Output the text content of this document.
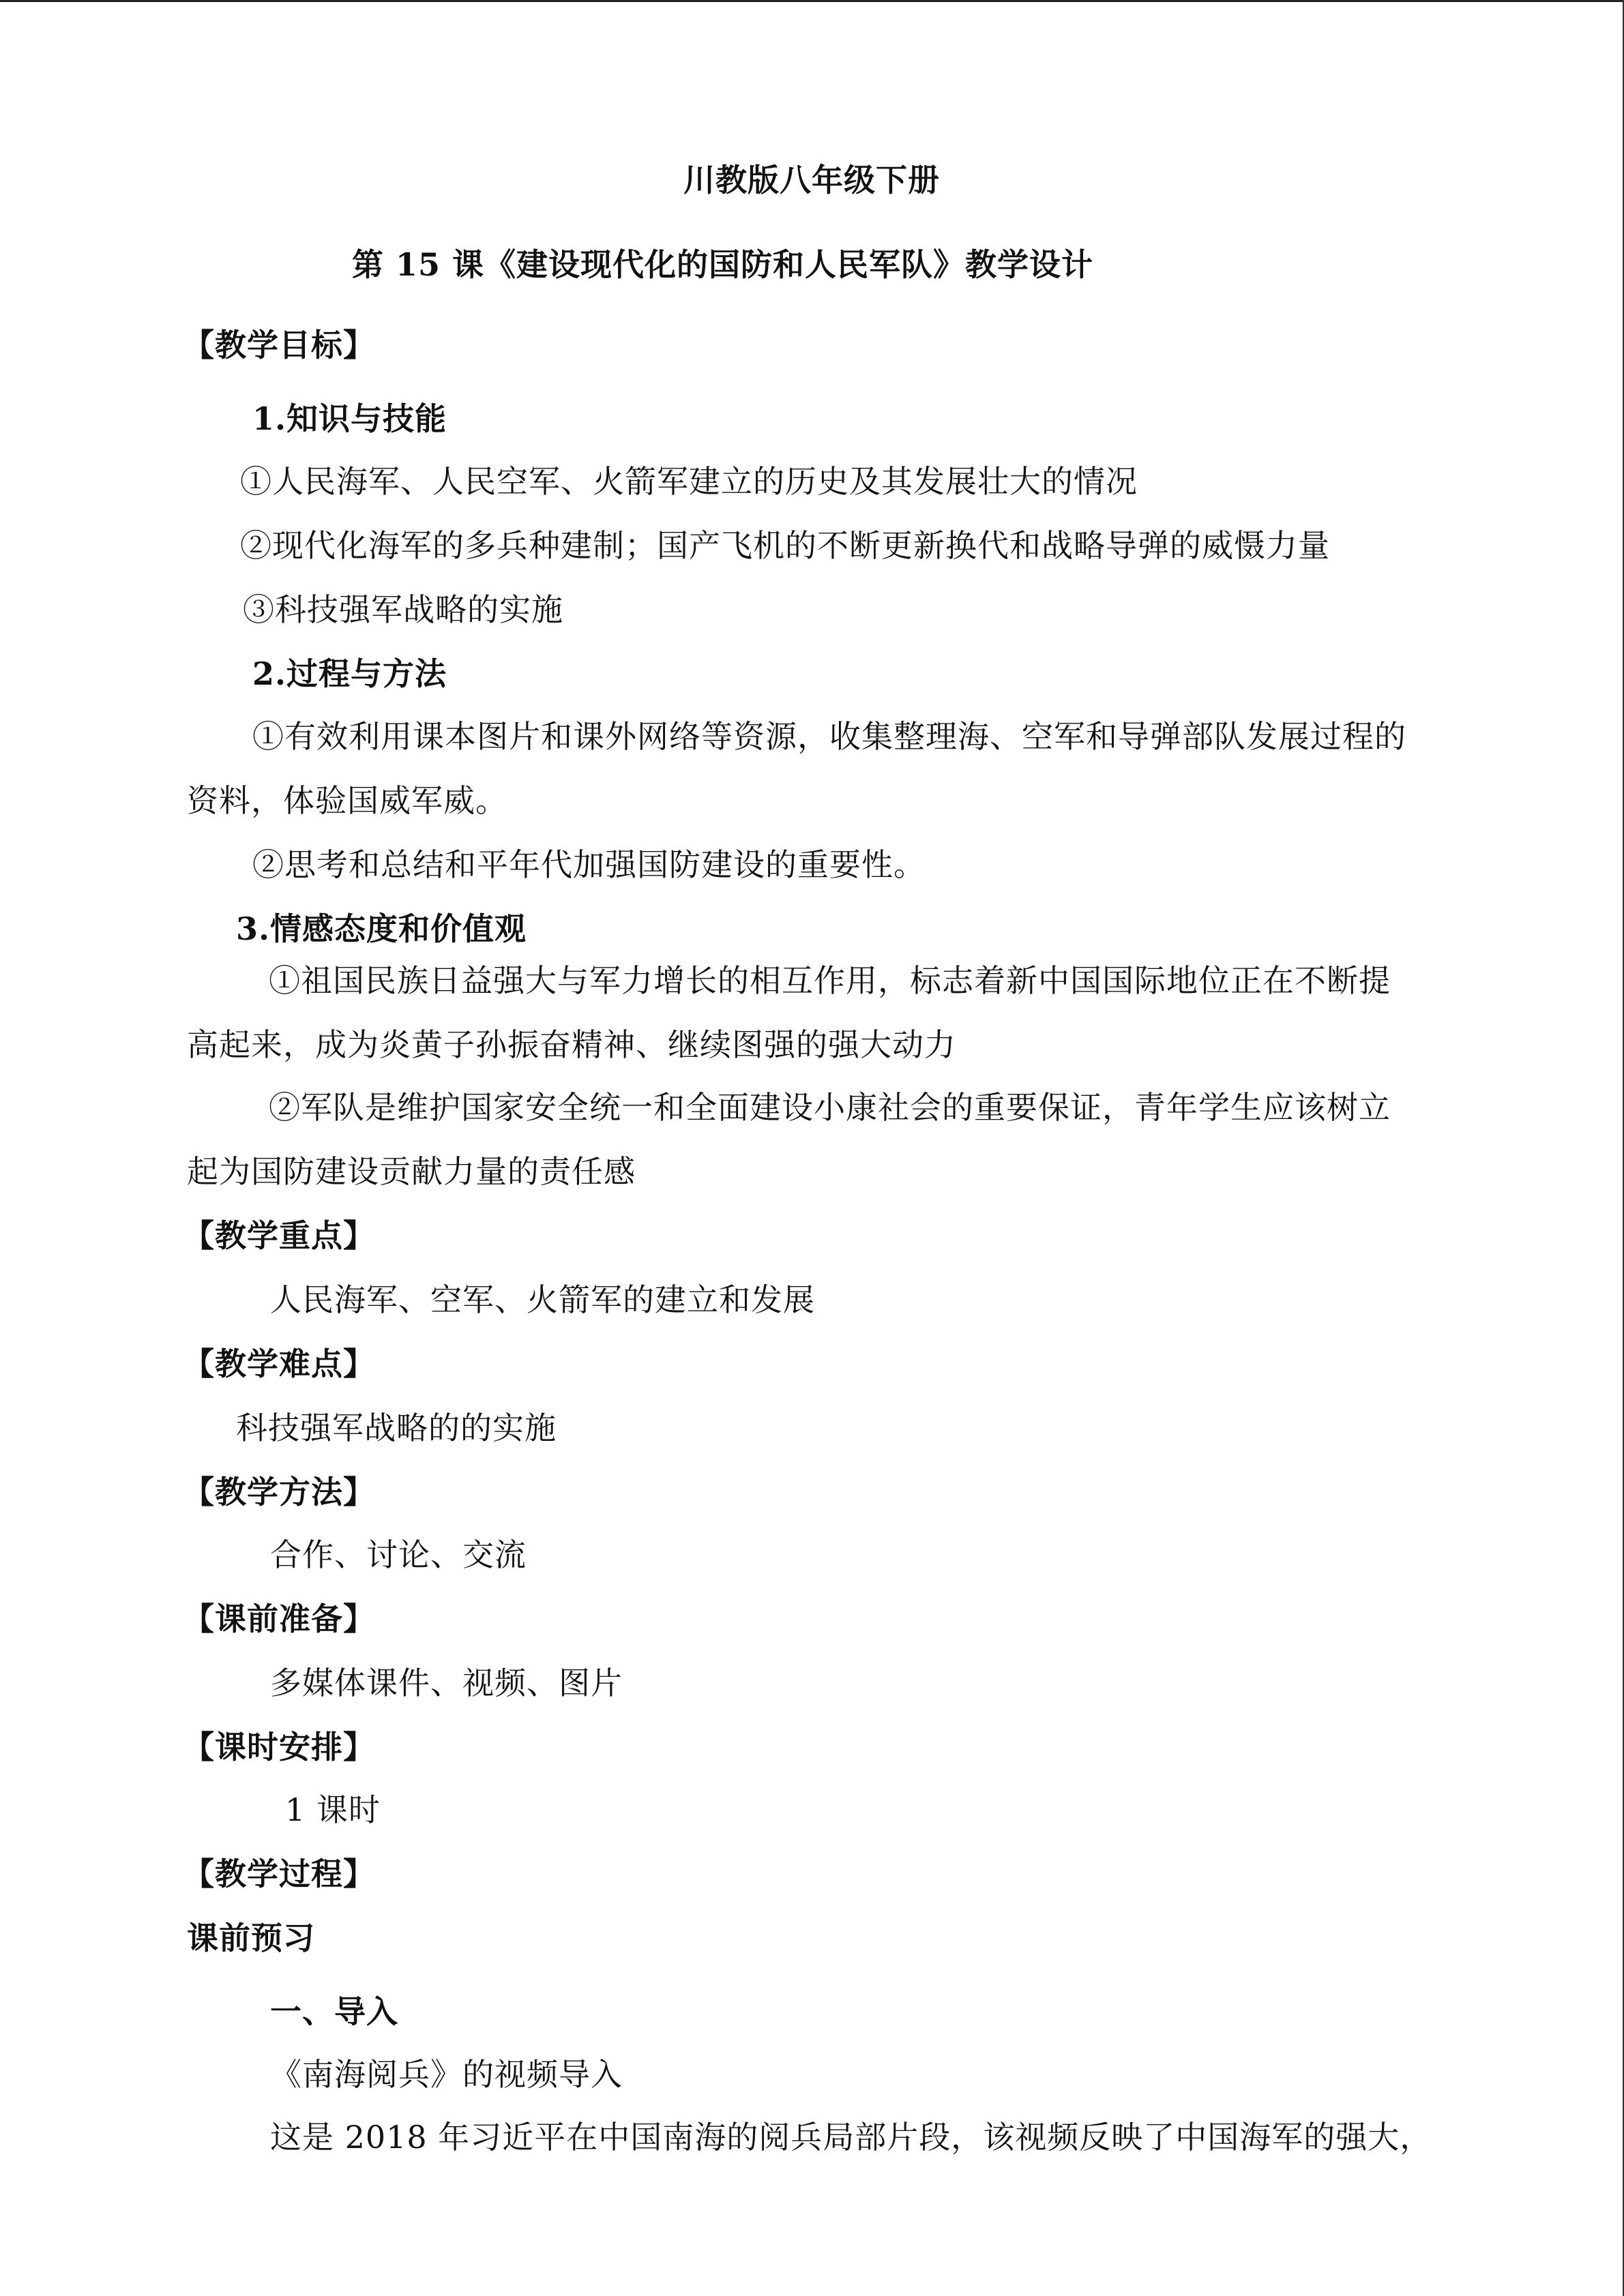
川教版八年级下册
第 15 课《建设现代化的国防和人民军队》教学设计
【教学目标】
1.知识与技能
①人民海军、人民空军、火箭军建立的历史及其发展壮大的情况
②现代化海军的多兵种建制；国产飞机的不断更新换代和战略导弹的威慑力量
③科技强军战略的实施
2.过程与方法
①有效利用课本图片和课外网络等资源，收集整理海、空军和导弹部队发展过程的
资料，体验国威军威。
②思考和总结和平年代加强国防建设的重要性。
3.情感态度和价值观
①祖国民族日益强大与军力增长的相互作用，标志着新中国国际地位正在不断提
高起来，成为炎黄子孙振奋精神、继续图强的强大动力
②军队是维护国家安全统一和全面建设小康社会的重要保证，青年学生应该树立
起为国防建设贡献力量的责任感
【教学重点】
人民海军、空军、火箭军的建立和发展
【教学难点】
科技强军战略的的实施
【教学方法】
合作、讨论、交流
【课前准备】
多媒体课件、视频、图片
【课时安排】
1 课时
【教学过程】
课前预习
一、导入
《南海阅兵》的视频导入
这是 2018 年习近平在中国南海的阅兵局部片段，该视频反映了中国海军的强大，
